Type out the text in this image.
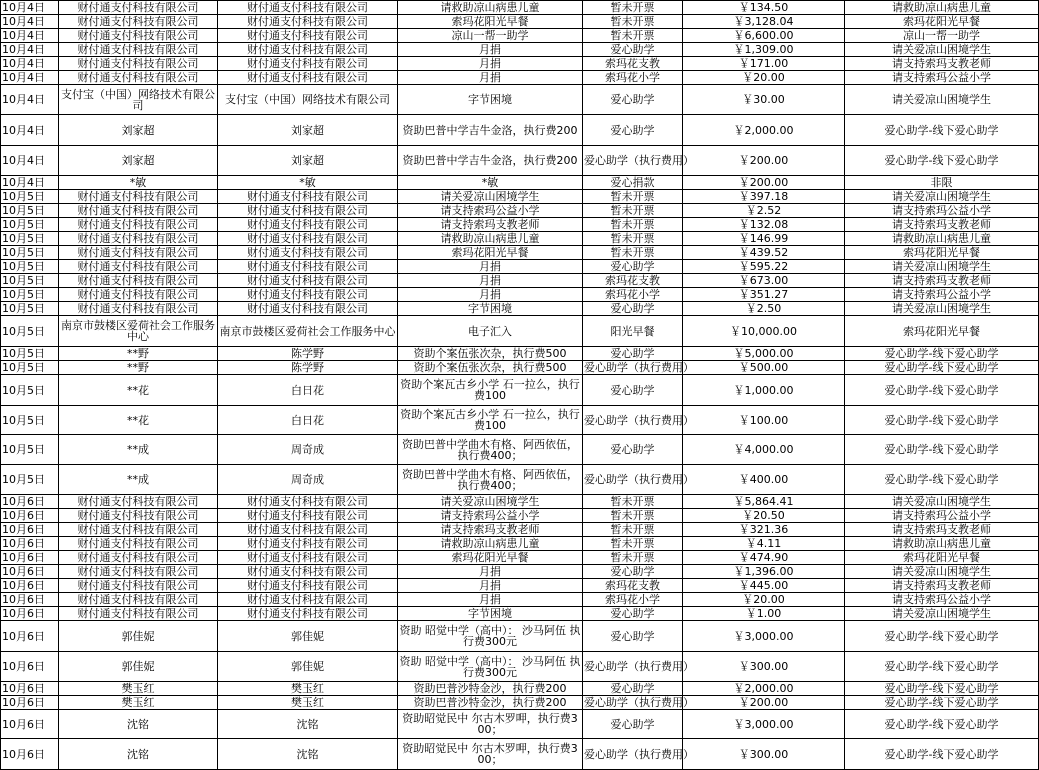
10月4日	财付通支付科技有限公司	财付通支付科技有限公司	请救助凉山病患儿童	暂未开票	￥134.50	请救助凉山病患儿童
10月4日	财付通支付科技有限公司	财付通支付科技有限公司	索玛花阳光早餐	暂未开票	￥3,128.04	索玛花阳光早餐
10月4日	财付通支付科技有限公司	财付通支付科技有限公司	凉山一帮一助学	暂未开票	￥6,600.00	凉山一帮一助学
10月4日	财付通支付科技有限公司	财付通支付科技有限公司	月捐	爱心助学	￥1,309.00	请关爱凉山困境学生
10月4日	财付通支付科技有限公司	财付通支付科技有限公司	月捐	索玛花支教	￥171.00	请支持索玛支教老师
10月4日	财付通支付科技有限公司	财付通支付科技有限公司	月捐	索玛花小学	￥20.00	请支持索玛公益小学
10月4日	支付宝（中国）网络技术有限公司	支付宝（中国）网络技术有限公司	字节困境	爱心助学	￥30.00	请关爱凉山困境学生
10月4日	刘家超	刘家超	资助巴普中学吉牛金洛，执行费200	爱心助学	￥2,000.00	爱心助学-线下爱心助学
10月4日	刘家超	刘家超	资助巴普中学吉牛金洛，执行费200	爱心助学（执行费用）	￥200.00	爱心助学-线下爱心助学
10月4日	*敏	*敏	*敏	爱心捐款	￥200.00	非限
10月5日	财付通支付科技有限公司	财付通支付科技有限公司	请关爱凉山困境学生	暂未开票	￥397.18	请关爱凉山困境学生
10月5日	财付通支付科技有限公司	财付通支付科技有限公司	请支持索玛公益小学	暂未开票	￥2.52	请支持索玛公益小学
10月5日	财付通支付科技有限公司	财付通支付科技有限公司	请支持索玛支教老师	暂未开票	￥132.08	请支持索玛支教老师
10月5日	财付通支付科技有限公司	财付通支付科技有限公司	请救助凉山病患儿童	暂未开票	￥146.99	请救助凉山病患儿童
10月5日	财付通支付科技有限公司	财付通支付科技有限公司	索玛花阳光早餐	暂未开票	￥439.52	索玛花阳光早餐
10月5日	财付通支付科技有限公司	财付通支付科技有限公司	月捐	爱心助学	￥595.22	请关爱凉山困境学生
10月5日	财付通支付科技有限公司	财付通支付科技有限公司	月捐	索玛花支教	￥673.00	请支持索玛支教老师
10月5日	财付通支付科技有限公司	财付通支付科技有限公司	月捐	索玛花小学	￥351.27	请支持索玛公益小学
10月5日	财付通支付科技有限公司	财付通支付科技有限公司	字节困境	爱心助学	￥2.50	请关爱凉山困境学生
10月5日	南京市鼓楼区爱荷社会工作服务中心	南京市鼓楼区爱荷社会工作服务中心	电子汇入	阳光早餐	￥10,000.00	索玛花阳光早餐
10月5日	**野	陈学野	资助个案伍张次杂，执行费500	爱心助学	￥5,000.00	爱心助学-线下爱心助学
10月5日	**野	陈学野	资助个案伍张次杂，执行费500	爱心助学（执行费用）	￥500.00	爱心助学-线下爱心助学
10月5日	**花	白日花	资助个案瓦古乡小学 石一拉么，执行费100	爱心助学	￥1,000.00	爱心助学-线下爱心助学
10月5日	**花	白日花	资助个案瓦古乡小学 石一拉么，执行费100	爱心助学（执行费用）	￥100.00	爱心助学-线下爱心助学
10月5日	**成	周奇成	资助巴普中学曲木有格、阿西依伍，执行费400；	爱心助学	￥4,000.00	爱心助学-线下爱心助学
10月5日	**成	周奇成	资助巴普中学曲木有格、阿西依伍，执行费400；	爱心助学（执行费用）	￥400.00	爱心助学-线下爱心助学
10月6日	财付通支付科技有限公司	财付通支付科技有限公司	请关爱凉山困境学生	暂未开票	￥5,864.41	请关爱凉山困境学生
10月6日	财付通支付科技有限公司	财付通支付科技有限公司	请支持索玛公益小学	暂未开票	￥20.50	请支持索玛公益小学
10月6日	财付通支付科技有限公司	财付通支付科技有限公司	请支持索玛支教老师	暂未开票	￥321.36	请支持索玛支教老师
10月6日	财付通支付科技有限公司	财付通支付科技有限公司	请救助凉山病患儿童	暂未开票	￥4.11	请救助凉山病患儿童
10月6日	财付通支付科技有限公司	财付通支付科技有限公司	索玛花阳光早餐	暂未开票	￥474.90	索玛花阳光早餐
10月6日	财付通支付科技有限公司	财付通支付科技有限公司	月捐	爱心助学	￥1,396.00	请关爱凉山困境学生
10月6日	财付通支付科技有限公司	财付通支付科技有限公司	月捐	索玛花支教	￥445.00	请支持索玛支教老师
10月6日	财付通支付科技有限公司	财付通支付科技有限公司	月捐	索玛花小学	￥20.00	请支持索玛公益小学
10月6日	财付通支付科技有限公司	财付通支付科技有限公司	字节困境	爱心助学	￥1.00	请关爱凉山困境学生
10月6日	郭佳妮	郭佳妮	资助 昭觉中学（高中）： 沙马阿伍 执行费300元	爱心助学	￥3,000.00	爱心助学-线下爱心助学
10月6日	郭佳妮	郭佳妮	资助 昭觉中学（高中）： 沙马阿伍 执行费300元	爱心助学（执行费用）	￥300.00	爱心助学-线下爱心助学
10月6日	樊玉红	樊玉红	资助巴普沙特金沙，执行费200	爱心助学	￥2,000.00	爱心助学-线下爱心助学
10月6日	樊玉红	樊玉红	资助巴普沙特金沙，执行费200	爱心助学（执行费用）	￥200.00	爱心助学-线下爱心助学
10月6日	沈铭	沈铭	资助昭觉民中 尔古木罗呷，执行费300；	爱心助学	￥3,000.00	爱心助学-线下爱心助学
10月6日	沈铭	沈铭	资助昭觉民中 尔古木罗呷，执行费300；	爱心助学（执行费用）	￥300.00	爱心助学-线下爱心助学
